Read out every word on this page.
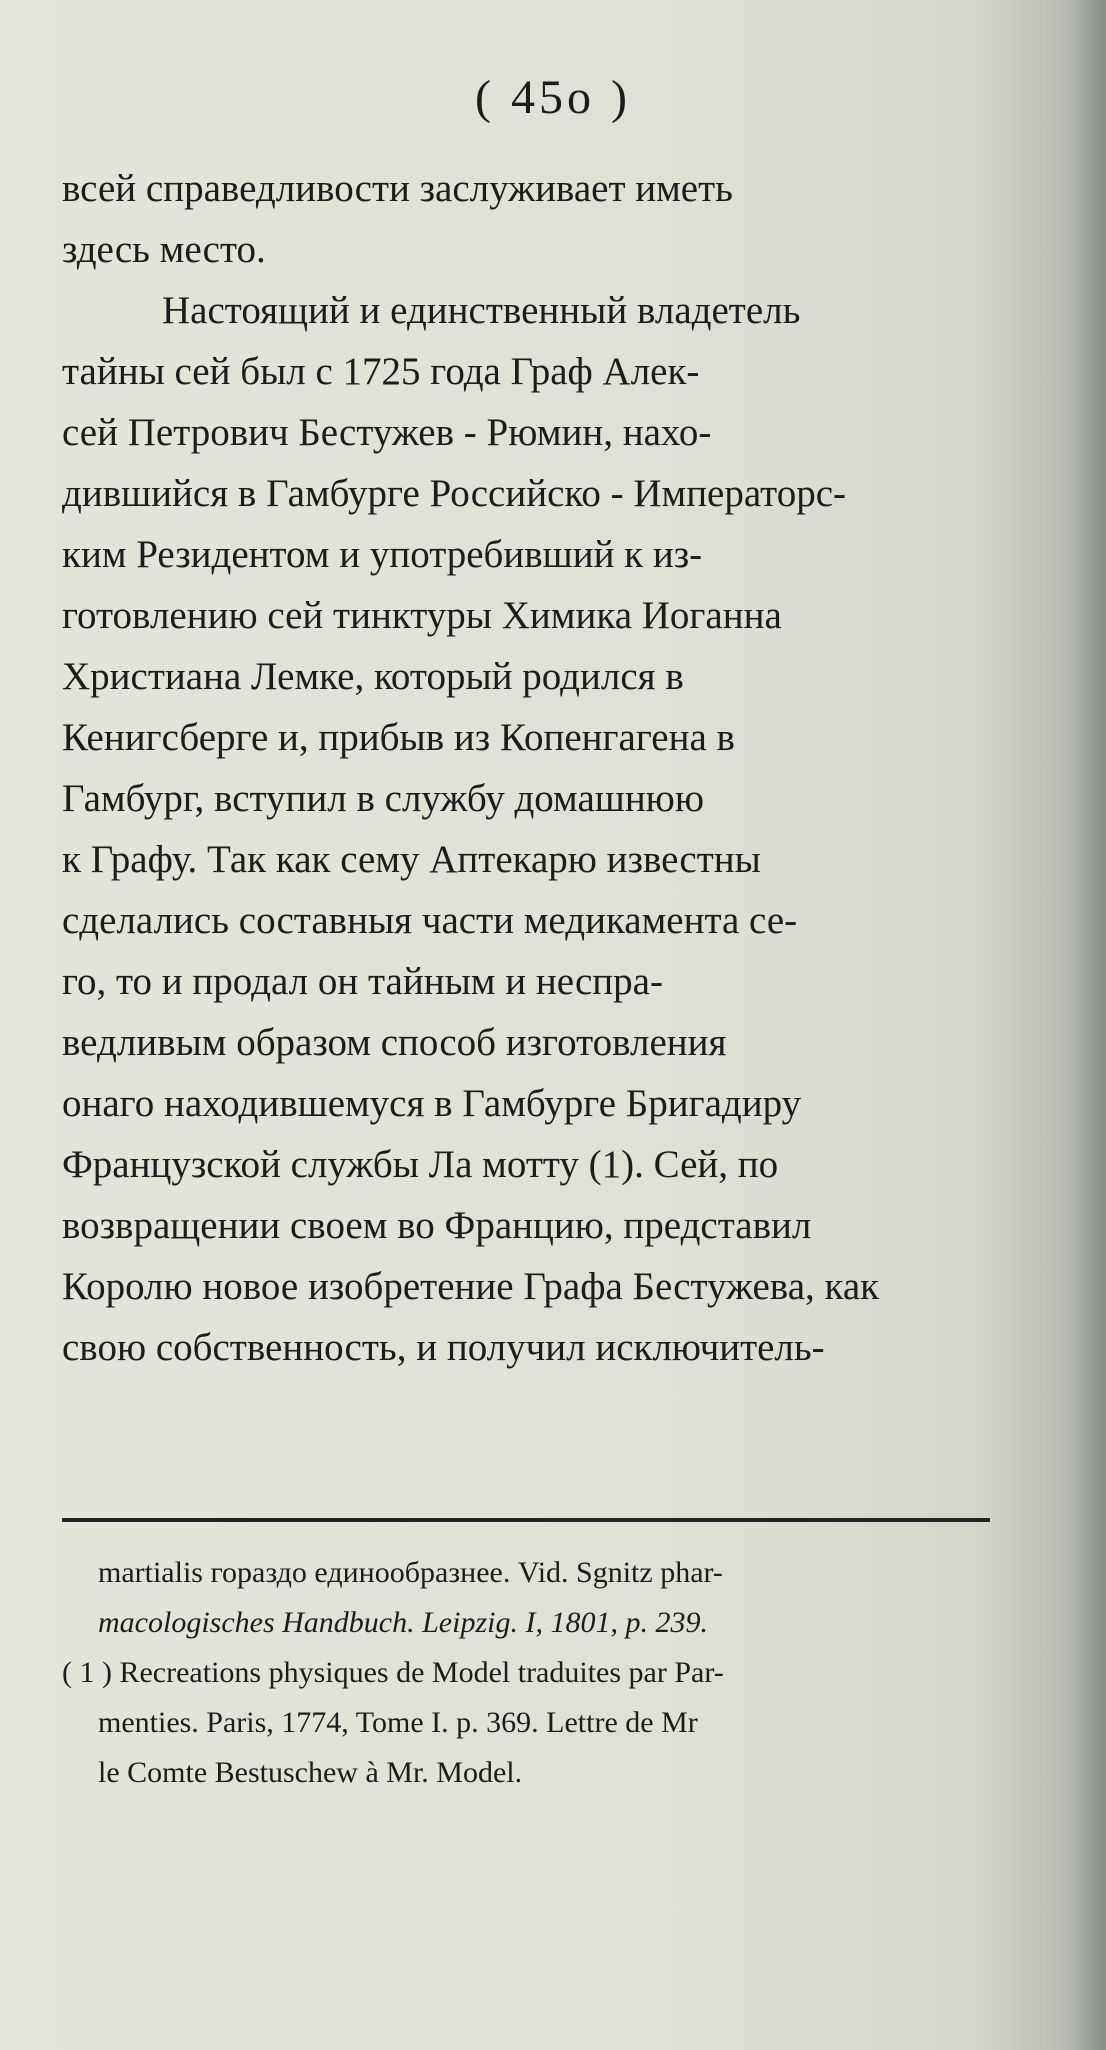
( 45o )
всей справедливости заслуживает иметь
здесь место.
Настоящий и единственный владетель
тайны сей был с 1725 года Граф Алек-
сей Петрович Бестужев - Рюмин, нахо-
дившийся в Гамбурге Российско - Императорс-
ким Резидентом и употребивший к из-
готовлению сей тинктуры Химика Иоганна
Христиана Лемке, который родился в
Кенигсберге и, прибыв из Копенгагена в
Гамбург, вступил в службу домашнюю
к Графу. Так как сему Аптекарю известны
сделались составныя части медикамента се-
го, то и продал он тайным и неспра-
ведливым образом способ изготовления
онаго находившемуся в Гамбурге Бригадиру
Французской службы Ла мотту (1). Сей, по
возвращении своем во Францию, представил
Королю новое изобретение Графа Бестужева, как
свою собственность, и получил исключитель-
martialis гораздо единообразнее. Vid. Sgnitz phar-
macologisches Handbuch. Leipzig. I, 1801, p. 239.
( 1 ) Recreations physiques de Model traduites par Par-
menties. Paris, 1774, Tome I. p. 369. Lettre de Mr
le Comte Bestuschew à Mr. Model.
